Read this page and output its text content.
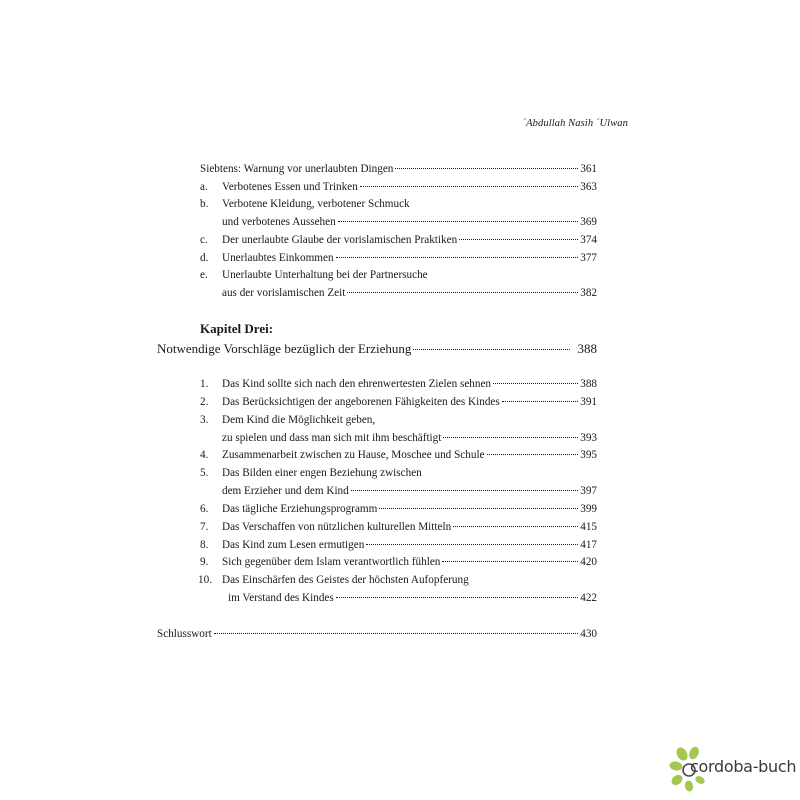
´Abdullah Nasih ´Ulwan
Siebtens: Warnung vor unerlaubten Dingen	361
a. Verbotenes Essen und Trinken	363
b. Verbotene Kleidung, verbotener Schmuck
und verbotenes Aussehen	369
c. Der unerlaubte Glaube der vorislamischen Praktiken	374
d. Unerlaubtes Einkommen	377
e. Unerlaubte Unterhaltung bei der Partnersuche
aus der vorislamischen Zeit	382
Kapitel Drei:
Notwendige Vorschläge bezüglich der Erziehung	388
1. Das Kind sollte sich nach den ehrenwertesten Zielen sehnen	388
2. Das Berücksichtigen der angeborenen Fähigkeiten des Kindes	391
3. Dem Kind die Möglichkeit geben,
zu spielen und dass man sich mit ihm beschäftigt	393
4. Zusammenarbeit zwischen zu Hause, Moschee und Schule	395
5. Das Bilden einer engen Beziehung zwischen
dem Erzieher und dem Kind	397
6. Das tägliche Erziehungsprogramm	399
7. Das Verschaffen von nützlichen kulturellen Mitteln	415
8. Das Kind zum Lesen ermutigen	417
9. Sich gegenüber dem Islam verantwortlich fühlen	420
10. Das Einschärfen des Geistes der höchsten Aufopferung
im Verstand des Kindes	422
Schlusswort	430
cordoba-buch
